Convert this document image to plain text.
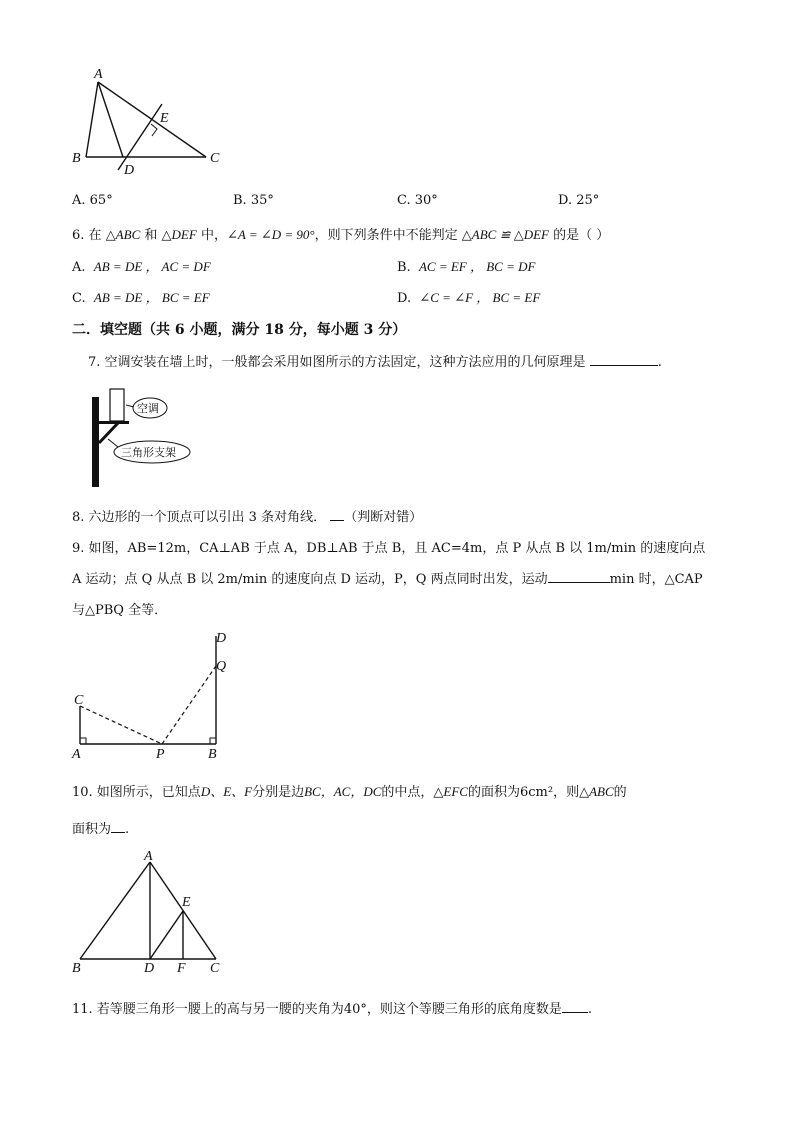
A
B	C
D
E
A. 65°	B. 35°	C. 30°	D. 25°
6. 在 △ABC 和 △DEF 中，∠A = ∠D = 90°，则下列条件中不能判定 △ABC ≌ △DEF 的是（ ）
A. AB = DE ， AC = DF	B. AC = EF ， BC = DF
C. AB = DE ， BC = EF	D. ∠C = ∠F ， BC = EF
二．填空题（共 6 小题，满分 18 分，每小题 3 分）
7. 空调安装在墙上时，一般都会采用如图所示的方法固定，这种方法应用的几何原理是	.
空调
三角形支架
8. 六边形的一个顶点可以引出 3 条对角线． （判断对错）
9. 如图，AB=12m，CA⊥AB 于点 A，DB⊥AB 于点 B，且 AC=4m，点 P 从点 B 以 1m/min 的速度向点
A 运动；点 Q 从点 B 以 2m/min 的速度向点 D 运动，P，Q 两点同时出发，运动	min 时，△CAP
与△PBQ 全等．
C
A	P	B
D
Q
10. 如图所示，已知点D、E、F分别是边BC，AC，DC的中点，△EFC的面积为6cm²，则△ABC的
面积为 .
A
B	D F C
E
11. 若等腰三角形一腰上的高与另一腰的夹角为40°，则这个等腰三角形的底角度数是 .
